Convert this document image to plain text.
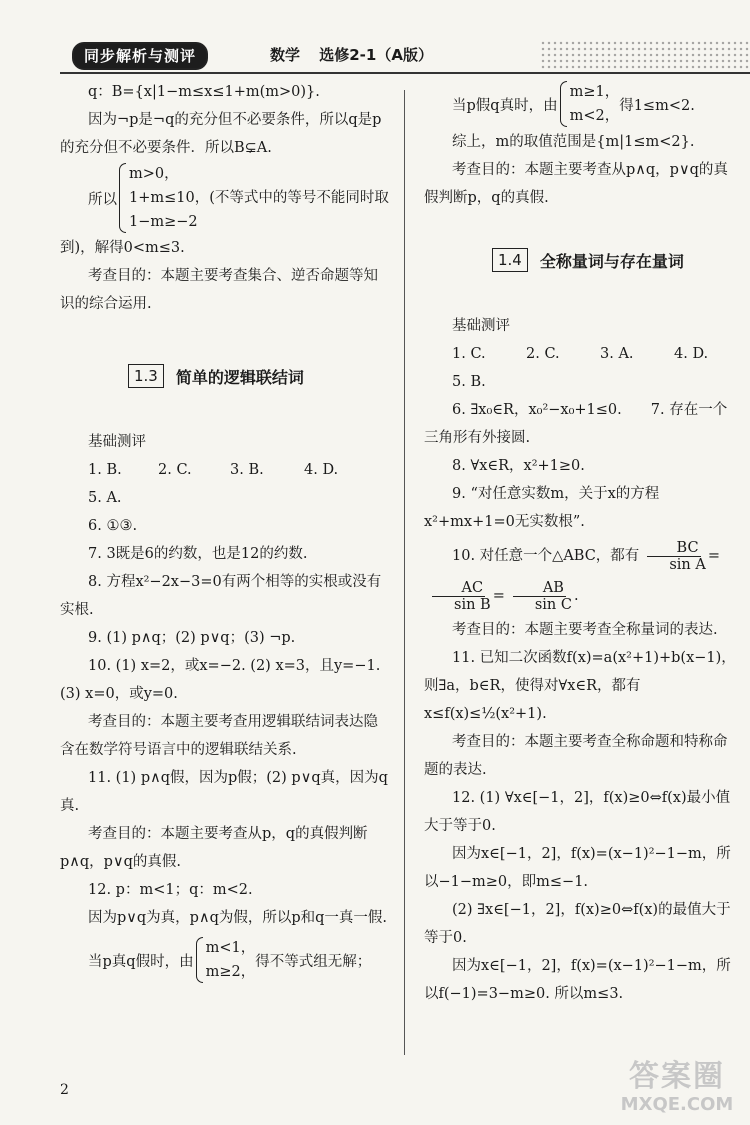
同步解析与测评	数学 选修2-1（A版）

q：B={x|1−m≤x≤1+m(m>0)}.

因为¬p是¬q的充分但不必要条件，所以q是p的充分但不必要条件．所以B⊊A.

所以
m>0，
1+m≤10，(不等式中的等号不能同时取
1−m≥−2

到)，解得0<m≤3.

考查目的：本题主要考查集合、逆否命题等知识的综合运用.

1.3	简单的逻辑联结词

基础测评

1. B.	2. C.	3. B.	4. D.

5. A.

6. ①③.

7. 3既是6的约数，也是12的约数.

8. 方程x²−2x−3=0有两个相等的实根或没有实根.

9. (1) p∧q；(2) p∨q；(3) ¬p.

10. (1) x=2，或x=−2. (2) x=3，且y=−1. (3) x=0，或y=0.

考查目的：本题主要考查用逻辑联结词表达隐含在数学符号语言中的逻辑联结关系.

11. (1) p∧q假，因为p假；(2) p∨q真，因为q真.

考查目的：本题主要考查从p，q的真假判断p∧q，p∨q的真假.

12. p：m<1；q：m<2.

因为p∨q为真，p∧q为假，所以p和q一真一假.

当p真q假时，由
m<1，
m≥2，
得不等式组无解；
当p假q真时，由
m≥1，
m<2，
得1≤m<2.

综上，m的取值范围是{m|1≤m<2}.

考查目的：本题主要考查从p∧q，p∨q的真假判断p，q的真假.

1.4	全称量词与存在量词

基础测评

1. C.	2. C.	3. A.	4. D.

5. B.

6. ∃x₀∈R，x₀²−x₀+1≤0.　　7. 存在一个三角形有外接圆.

8. ∀x∈R，x²+1≥0.

9. “对任意实数m，关于x的方程x²+mx+1=0无实数根”.

10. 对任意一个△ABC，都有 $\frac{BC}{\text{sin A}}$ =
$\frac{AC}{\text{sin B}} = \frac{AB}{\text{sin C}}$ .

考查目的：本题主要考查全称量词的表达.

11. 已知二次函数f(x)=a(x²+1)+b(x−1)，则∃a，b∈R，使得对∀x∈R，都有x≤f(x)≤½(x²+1).

考查目的：本题主要考查全称命题和特称命题的表达.

12. (1) ∀x∈[−1，2]，f(x)≥0⇔f(x)最小值大于等于0.

因为x∈[−1，2]，f(x)=(x−1)²−1−m，所以−1−m≥0，即m≤−1.

(2) ∃x∈[−1，2]，f(x)≥0⇔f(x)的最值大于等于0.

因为x∈[−1，2]，f(x)=(x−1)²−1−m，所以f(−1)=3−m≥0. 所以m≤3.

2	答案圈
MXQE.COM
